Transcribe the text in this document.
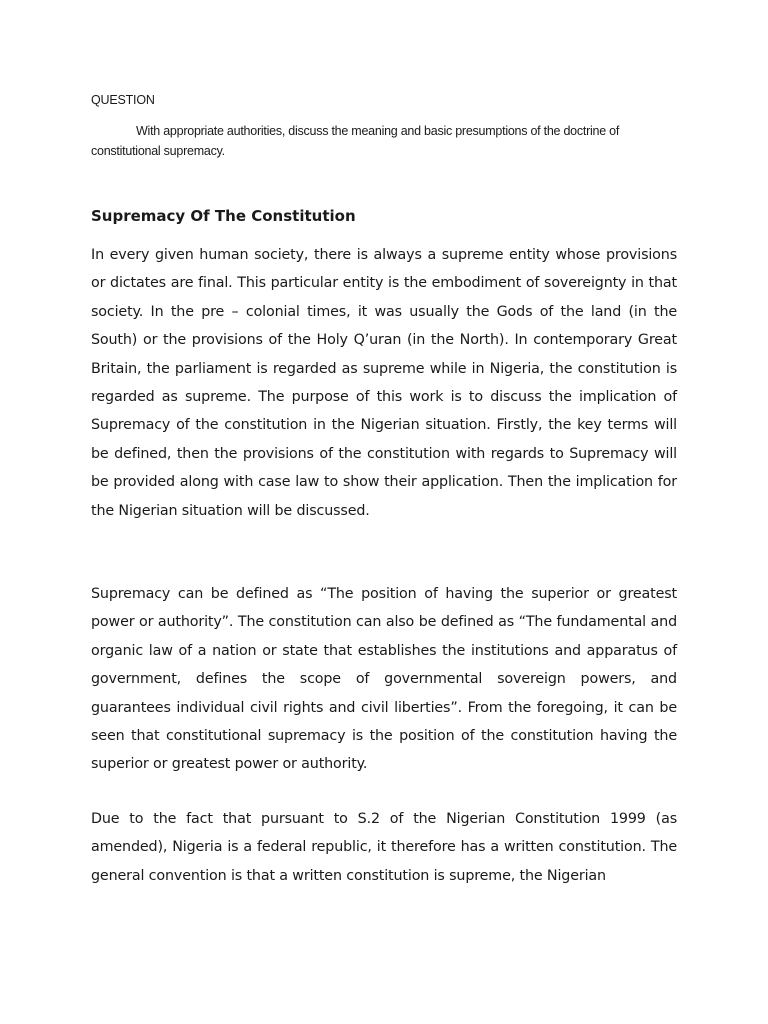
QUESTION

With appropriate authorities, discuss the meaning and basic presumptions of the doctrine of constitutional supremacy.

Supremacy Of The Constitution

In every given human society, there is always a supreme entity whose provisions or dictates are final. This particular entity is the embodiment of sovereignty in that society. In the pre – colonial times, it was usually the Gods of the land (in the South) or the provisions of the Holy Q’uran (in the North). In contemporary Great Britain, the parliament is regarded as supreme while in Nigeria, the constitution is regarded as supreme. The purpose of this work is to discuss the implication of Supremacy of the constitution in the Nigerian situation. Firstly, the key terms will be defined, then the provisions of the constitution with regards to Supremacy will be provided along with case law to show their application. Then the implication for the Nigerian situation will be discussed.

Supremacy can be defined as “The position of having the superior or greatest power or authority”. The constitution can also be defined as “The fundamental and organic law of a nation or state that establishes the institutions and apparatus of government, defines the scope of governmental sovereign powers, and guarantees individual civil rights and civil liberties”. From the foregoing, it can be seen that constitutional supremacy is the position of the constitution having the superior or greatest power or authority.

Due to the fact that pursuant to S.2 of the Nigerian Constitution 1999 (as amended), Nigeria is a federal republic, it therefore has a written constitution. The general convention is that a written constitution is supreme, the Nigerian
